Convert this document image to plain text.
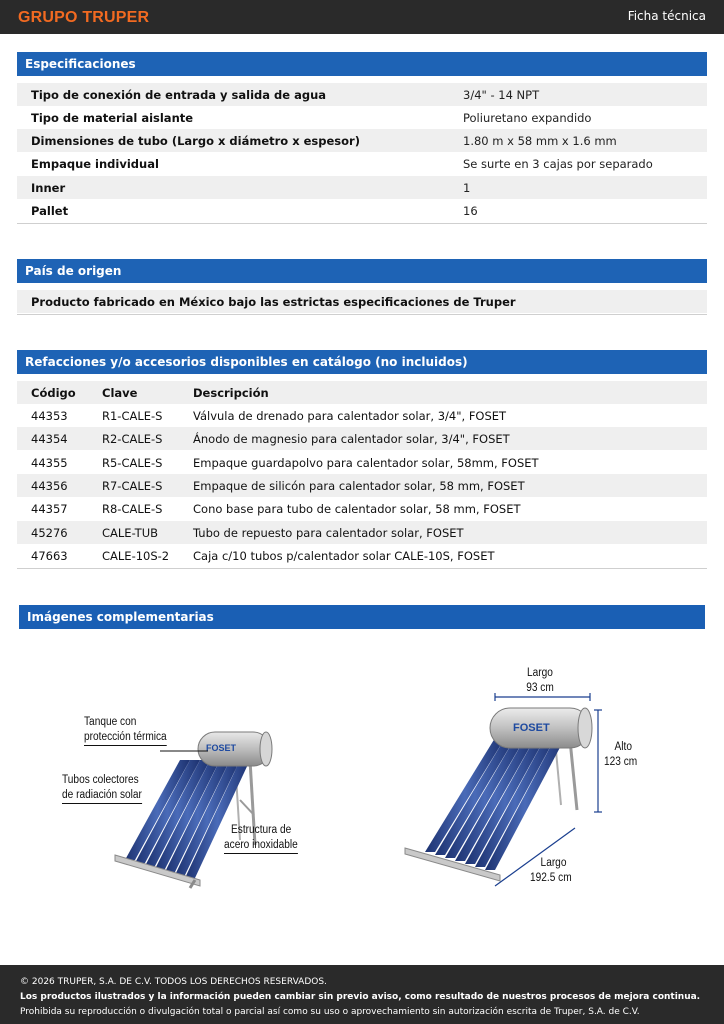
GRUPO TRUPER	Ficha técnica
Especificaciones
Tipo de conexión de entrada y salida de agua	3/4" - 14 NPT
Tipo de material aislante	Poliuretano expandido
Dimensiones de tubo (Largo x diámetro x espesor)	1.80 m x 58 mm x 1.6 mm
Empaque individual	Se surte en 3 cajas por separado
Inner	1
Pallet	16
País de origen
Producto fabricado en México bajo las estrictas especificaciones de Truper
Refacciones y/o accesorios disponibles en catálogo (no incluidos)
Código Clave	Descripción
44353	R1-CALE-S	Válvula de drenado para calentador solar, 3/4", FOSET
44354	R2-CALE-S	Ánodo de magnesio para calentador solar, 3/4", FOSET
44355	R5-CALE-S	Empaque guardapolvo para calentador solar, 58mm, FOSET
44356	R7-CALE-S	Empaque de silicón para calentador solar, 58 mm, FOSET
44357	R8-CALE-S	Cono base para tubo de calentador solar, 58 mm, FOSET
45276	CALE-TUB	Tubo de repuesto para calentador solar, FOSET
47663	CALE-10S-2 Caja c/10 tubos p/calentador solar CALE-10S, FOSET
Imágenes complementarias
FOSET
Tanque con
protección térmica
Tubos colectores
de radiación solar
Estructura de
acero inoxidable
FOSET
Largo
93 cm
Alto
123 cm
Largo
192.5 cm
© 2026 TRUPER, S.A. DE C.V. TODOS LOS DERECHOS RESERVADOS.
Los productos ilustrados y la información pueden cambiar sin previo aviso, como resultado de nuestros procesos de mejora continua.
Prohibida su reproducción o divulgación total o parcial así como su uso o aprovechamiento sin autorización escrita de Truper, S.A. de C.V.
